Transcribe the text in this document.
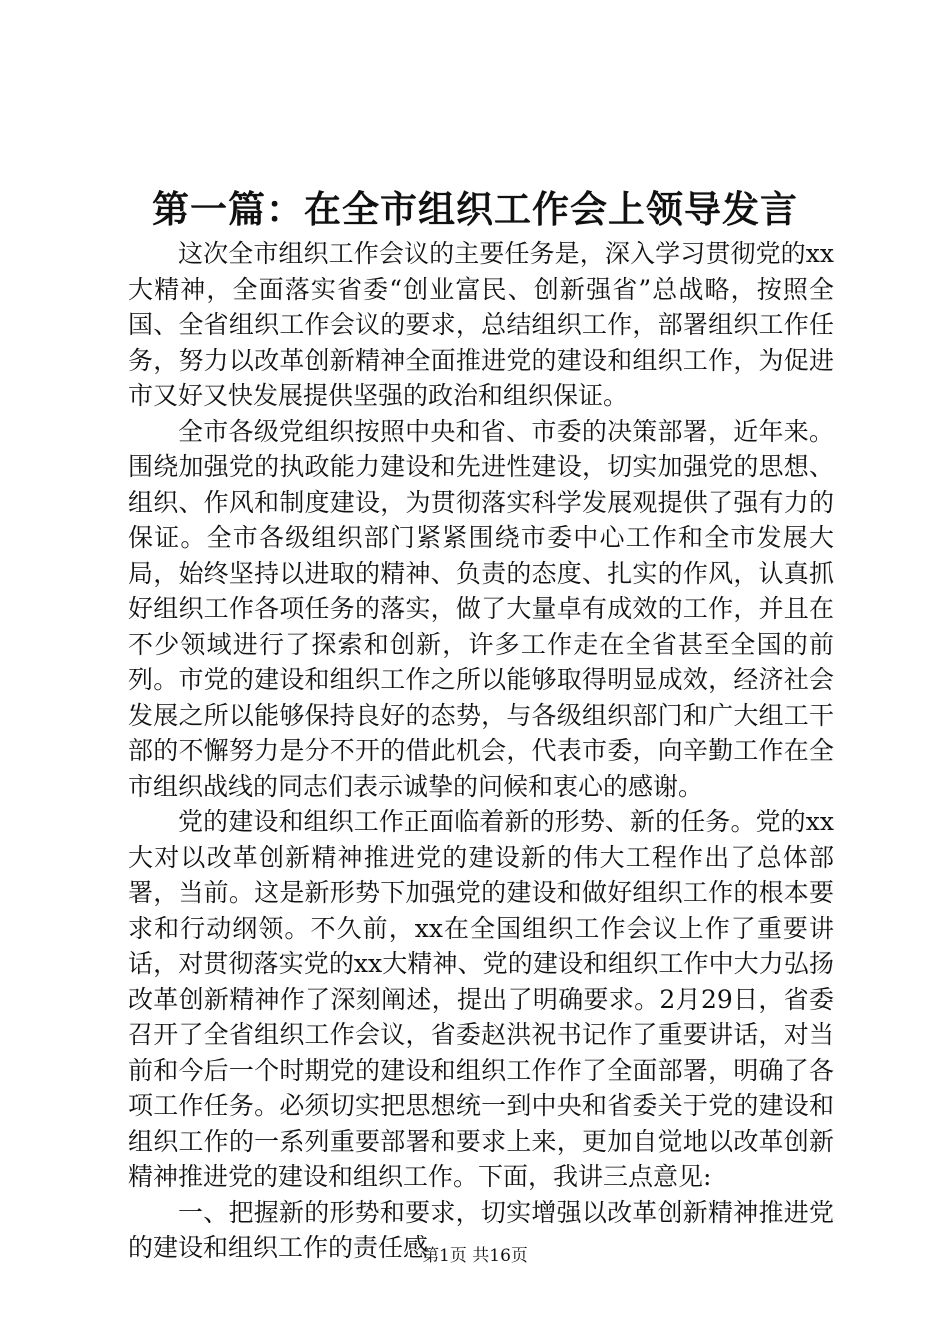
第一篇：在全市组织工作会上领导发言

这次全市组织工作会议的主要任务是，深入学习贯彻党的xx大精神，全面落实省委“创业富民、创新强省”总战略，按照全国、全省组织工作会议的要求，总结组织工作，部署组织工作任务，努力以改革创新精神全面推进党的建设和组织工作，为促进市又好又快发展提供坚强的政治和组织保证。

全市各级党组织按照中央和省、市委的决策部署，近年来。围绕加强党的执政能力建设和先进性建设，切实加强党的思想、组织、作风和制度建设，为贯彻落实科学发展观提供了强有力的保证。全市各级组织部门紧紧围绕市委中心工作和全市发展大局，始终坚持以进取的精神、负责的态度、扎实的作风，认真抓好组织工作各项任务的落实，做了大量卓有成效的工作，并且在不少领域进行了探索和创新，许多工作走在全省甚至全国的前列。市党的建设和组织工作之所以能够取得明显成效，经济社会发展之所以能够保持良好的态势，与各级组织部门和广大组工干部的不懈努力是分不开的借此机会，代表市委，向辛勤工作在全市组织战线的同志们表示诚挚的问候和衷心的感谢。

党的建设和组织工作正面临着新的形势、新的任务。党的xx大对以改革创新精神推进党的建设新的伟大工程作出了总体部署，当前。这是新形势下加强党的建设和做好组织工作的根本要求和行动纲领。不久前，xx在全国组织工作会议上作了重要讲话，对贯彻落实党的xx大精神、党的建设和组织工作中大力弘扬改革创新精神作了深刻阐述，提出了明确要求。2月29日，省委召开了全省组织工作会议，省委赵洪祝书记作了重要讲话，对当前和今后一个时期党的建设和组织工作作了全面部署，明确了各项工作任务。必须切实把思想统一到中央和省委关于党的建设和组织工作的一系列重要部署和要求上来，更加自觉地以改革创新精神推进党的建设和组织工作。下面，我讲三点意见:

一、把握新的形势和要求，切实增强以改革创新精神推进党的建设和组织工作的责任感

第1页 共16页
